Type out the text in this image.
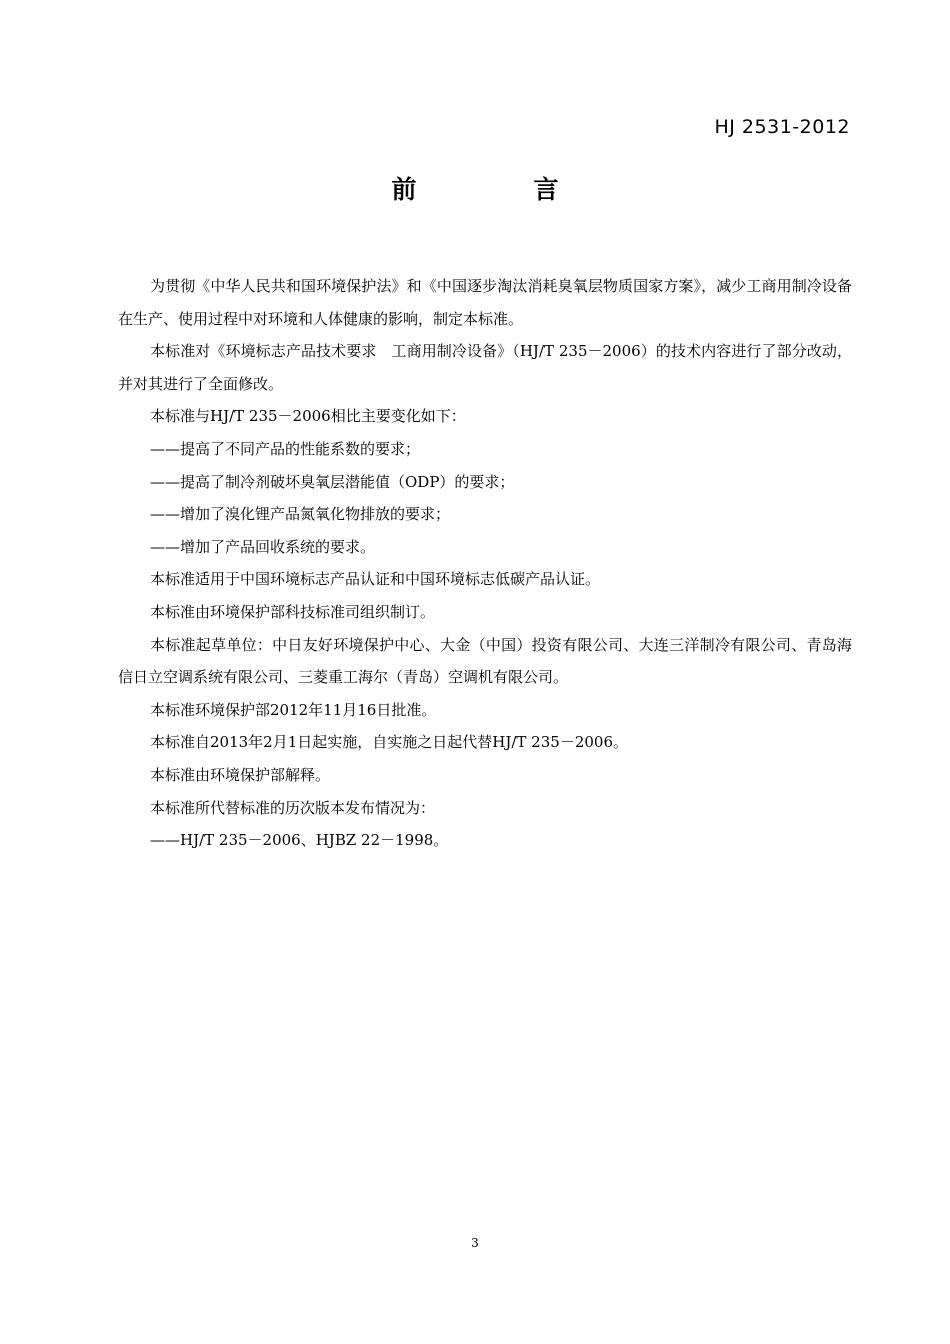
HJ 2531-2012
前　言

为贯彻《中华人民共和国环境保护法》和《中国逐步淘汰消耗臭氧层物质国家方案》，减少工商用制冷设备在生产、使用过程中对环境和人体健康的影响，制定本标准。

本标准对《环境标志产品技术要求　工商用制冷设备》（HJ/T 235－2006）的技术内容进行了部分改动，并对其进行了全面修改。

本标准与HJ/T 235－2006相比主要变化如下：

——提高了不同产品的性能系数的要求；

——提高了制冷剂破坏臭氧层潜能值（ODP）的要求；

——增加了溴化锂产品氮氧化物排放的要求；

——增加了产品回收系统的要求。

本标准适用于中国环境标志产品认证和中国环境标志低碳产品认证。

本标准由环境保护部科技标准司组织制订。

本标准起草单位：中日友好环境保护中心、大金（中国）投资有限公司、大连三洋制冷有限公司、青岛海信日立空调系统有限公司、三菱重工海尔（青岛）空调机有限公司。

本标准环境保护部2012年11月16日批准。

本标准自2013年2月1日起实施，自实施之日起代替HJ/T 235－2006。

本标准由环境保护部解释。

本标准所代替标准的历次版本发布情况为：

——HJ/T 235－2006、HJBZ 22－1998。

3
